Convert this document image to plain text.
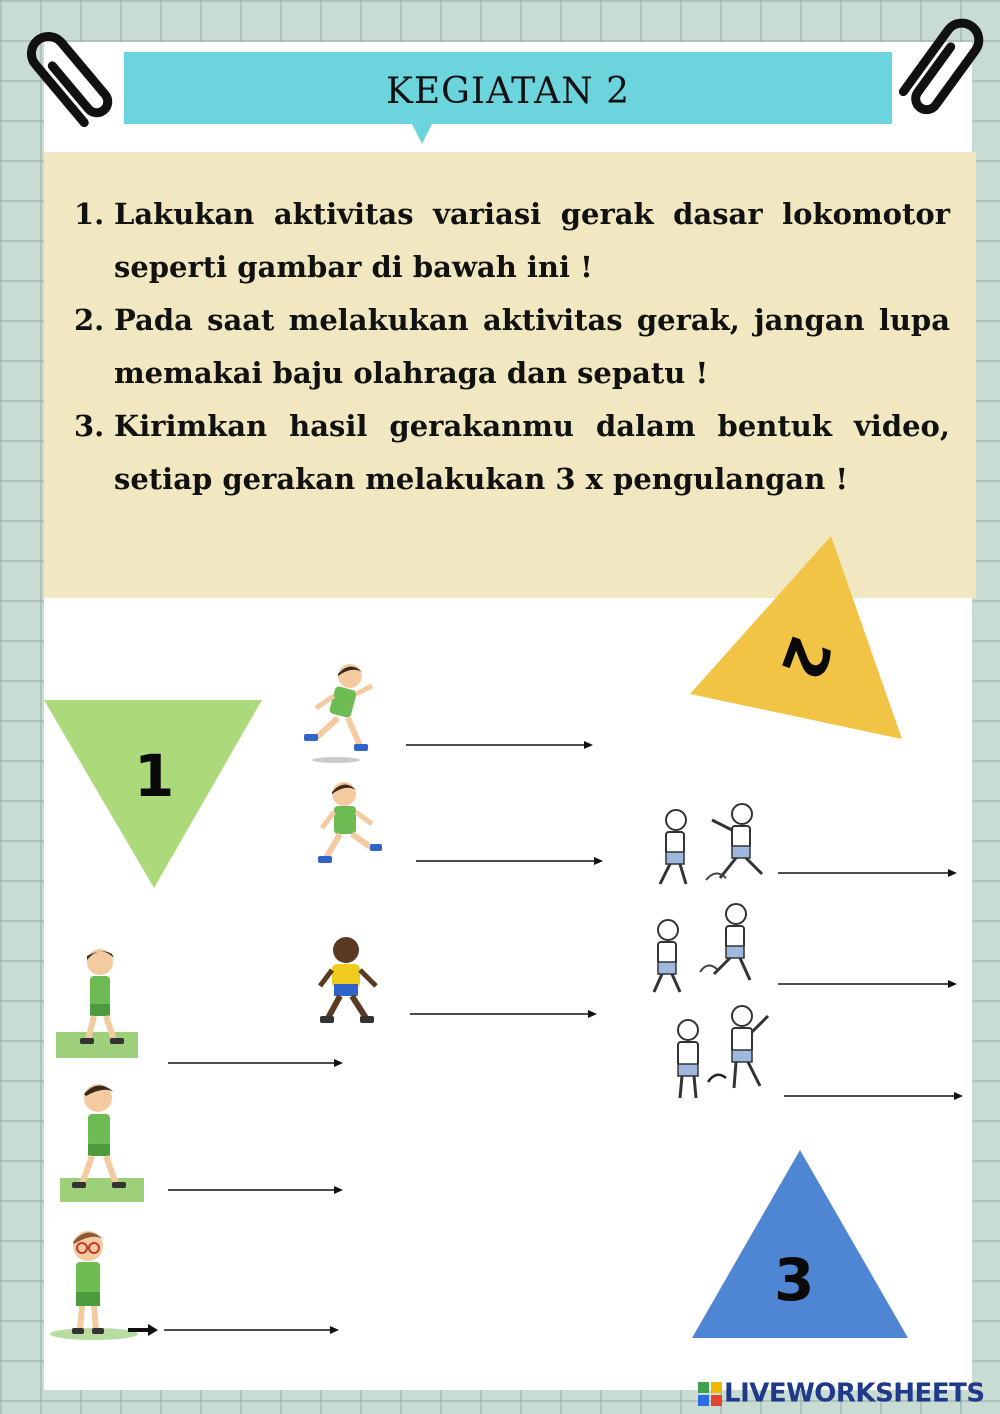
KEGIATAN 2
1. Lakukan aktivitas variasi gerak dasar lokomotor seperti gambar di bawah ini !
2. Pada saat melakukan aktivitas gerak, jangan lupa memakai baju olahraga dan sepatu !
3. Kirimkan hasil gerakanmu dalam bentuk video, setiap gerakan melakukan 3 x pengulangan !
1
2
3
LIVEWORKSHEETS
